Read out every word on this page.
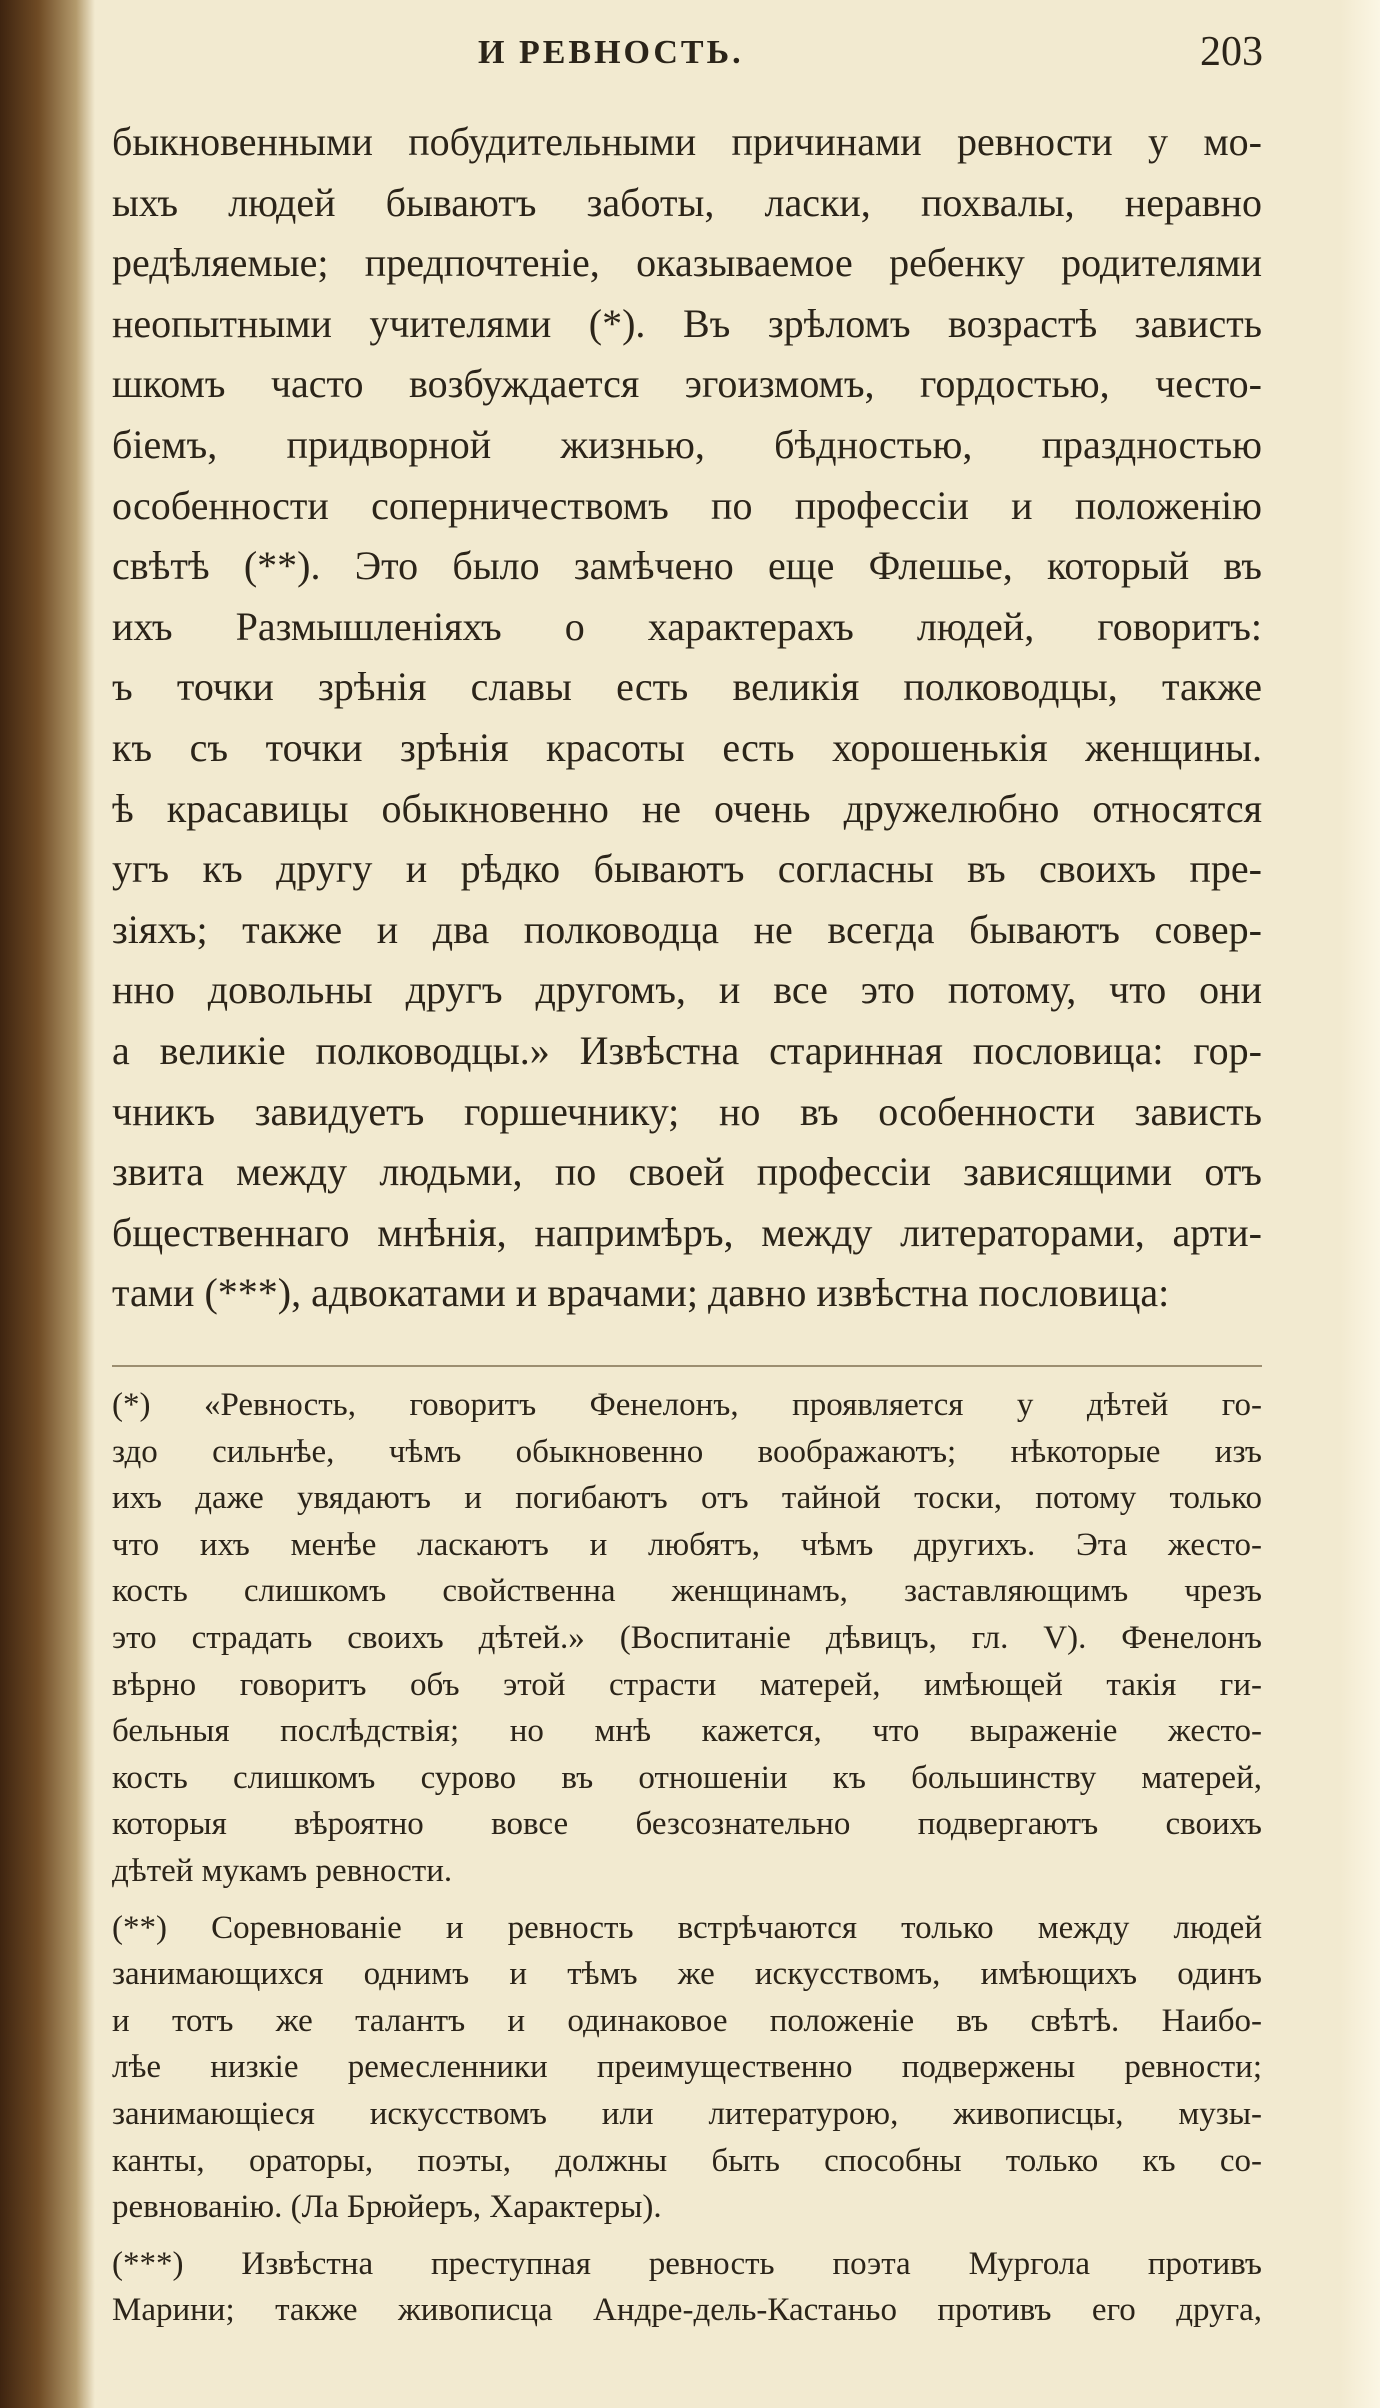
И РЕВНОСТЬ.	203
быкновенными побудительными причинами ревности у мо-
ыхъ людей бываютъ заботы, ласки, похвалы, неравно
редѣляемые; предпочтенiе, оказываемое ребенку родителями
неопытными учителями (*). Въ зрѣломъ возрастѣ зависть
шкомъ часто возбуждается эгоизмомъ, гордостью, често-
бiемъ, придворной жизнью, бѣдностью, праздностью
особенности соперничествомъ по профессiи и положенiю
свѣтѣ (**). Это было замѣчено еще Флешье, который въ
ихъ Размышленiяхъ о характерахъ людей, говоритъ:
ъ точки зрѣнiя славы есть великiя полководцы, также
къ съ точки зрѣнiя красоты есть хорошенькiя женщины.
ѣ красавицы обыкновенно не очень дружелюбно относятся
угъ къ другу и рѣдко бываютъ согласны въ своихъ пре-
зiяхъ; также и два полководца не всегда бываютъ совер-
нно довольны другъ другомъ, и все это потому, что они
а великiе полководцы.» Извѣстна старинная пословица: гор-
чникъ завидуетъ горшечнику; но въ особенности зависть
звита между людьми, по своей профессiи зависящими отъ
бщественнаго мнѣнiя, напримѣръ, между литераторами, арти-
тами (***), адвокатами и врачами; давно извѣстна пословица:
(*) «Ревность, говоритъ Фенелонъ, проявляется у дѣтей го-
здо сильнѣе, чѣмъ обыкновенно воображаютъ; нѣкоторые изъ
ихъ даже увядаютъ и погибаютъ отъ тайной тоски, потому только
что ихъ менѣе ласкаютъ и любятъ, чѣмъ другихъ. Эта жесто-
кость слишкомъ свойственна женщинамъ, заставляющимъ чрезъ
это страдать своихъ дѣтей.» (Воспитанiе дѣвицъ, гл. V). Фенелонъ
вѣрно говоритъ объ этой страсти матерей, имѣющей такiя ги-
бельныя послѣдствiя; но мнѣ кажется, что выраженiе жесто-
кость слишкомъ сурово въ отношенiи къ большинству матерей,
которыя вѣроятно вовсе безсознательно подвергаютъ своихъ
дѣтей мукамъ ревности.
(**) Соревнованiе и ревность встрѣчаются только между людей
занимающихся однимъ и тѣмъ же искусствомъ, имѣющихъ одинъ
и тотъ же талантъ и одинаковое положенiе въ свѣтѣ. Наибо-
лѣе низкiе ремесленники преимущественно подвержены ревности;
занимающiеся искусствомъ или литературою, живописцы, музы-
канты, ораторы, поэты, должны быть способны только къ со-
ревнованiю. (Ла Брюйеръ, Характеры).
(***) Извѣстна преступная ревность поэта Мурголa противъ
Марини; также живописца Андре-дель-Кастаньо противъ его друга,
